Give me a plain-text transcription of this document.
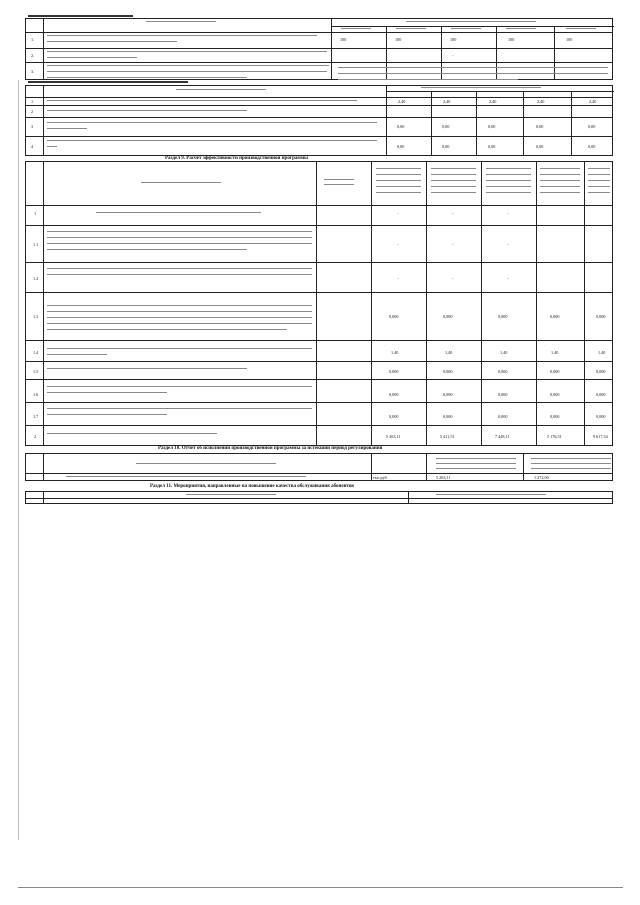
1.	100	100	100	100	100
2.	-
3.
1	2,40	2,40	2,40	2,40	2,40
2
3	0,00	0,00	0,00	0,00	0,00
4	0,00	0,00	0,00	0,00	0,00
Раздел 9. Расчет эффективности производственной программы
1	-	-	-
1.1	-	-	-
1.2	-	-	-
1.3	0,000	0,000	0,000	0,000	0,000
1.4	1,40	1,40	1,40	1,40	1,40
1.5	0,000	0,000	0,000	0,000	0,000
1.6	0,000	0,000	0,000	0,000	0,000
1.7	0,000	0,000	0,000	0,000	0,000
2	5 263,11	5 411,51	7 448,11	5 176,51	9 617,34
Раздел 10. Отчет об исполнении производственной программы за истекший период регулирования
тыс.руб.	5 263,11	1 272,00
Раздел 11. Мероприятия, направленные на повышение качества обслуживания абонентов
